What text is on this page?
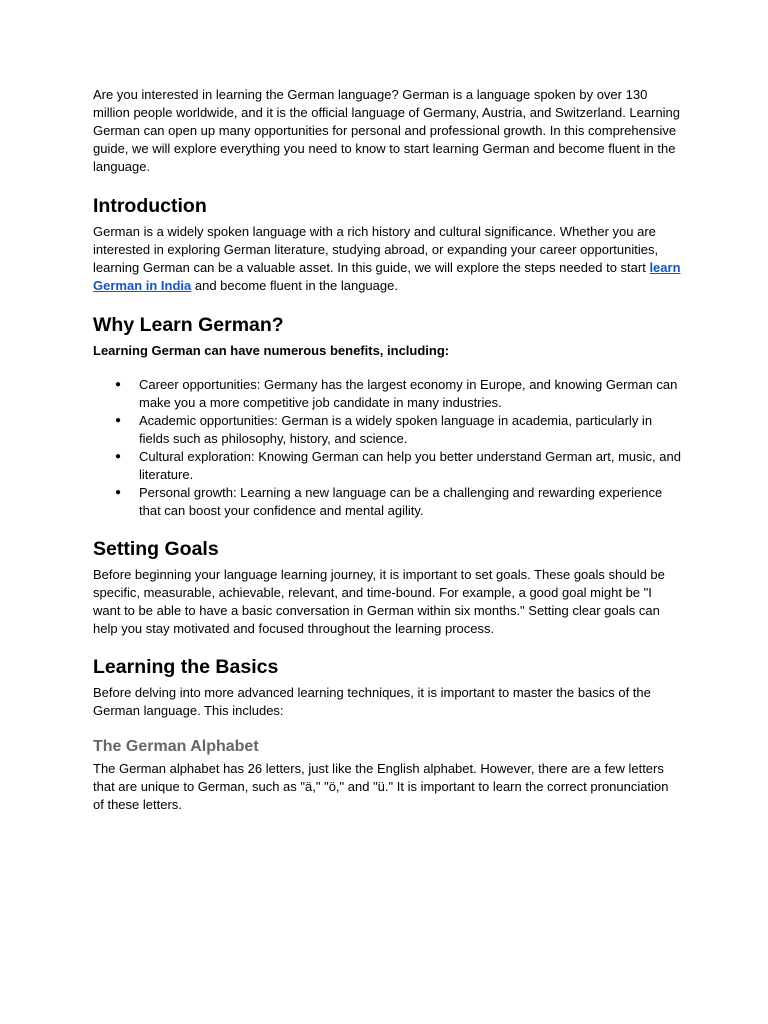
Are you interested in learning the German language? German is a language spoken by over 130 million people worldwide, and it is the official language of Germany, Austria, and Switzerland. Learning German can open up many opportunities for personal and professional growth. In this comprehensive guide, we will explore everything you need to know to start learning German and become fluent in the language.

Introduction

German is a widely spoken language with a rich history and cultural significance. Whether you are interested in exploring German literature, studying abroad, or expanding your career opportunities, learning German can be a valuable asset. In this guide, we will explore the steps needed to start learn German in India and become fluent in the language.

Why Learn German?

Learning German can have numerous benefits, including:

● Career opportunities: Germany has the largest economy in Europe, and knowing German can make you a more competitive job candidate in many industries.
● Academic opportunities: German is a widely spoken language in academia, particularly in fields such as philosophy, history, and science.
● Cultural exploration: Knowing German can help you better understand German art, music, and literature.
● Personal growth: Learning a new language can be a challenging and rewarding experience that can boost your confidence and mental agility.
Setting Goals

Before beginning your language learning journey, it is important to set goals. These goals should be specific, measurable, achievable, relevant, and time-bound. For example, a good goal might be "I want to be able to have a basic conversation in German within six months." Setting clear goals can help you stay motivated and focused throughout the learning process.

Learning the Basics

Before delving into more advanced learning techniques, it is important to master the basics of the German language. This includes:

The German Alphabet

The German alphabet has 26 letters, just like the English alphabet. However, there are a few letters that are unique to German, such as "ä," "ö," and "ü." It is important to learn the correct pronunciation of these letters.
